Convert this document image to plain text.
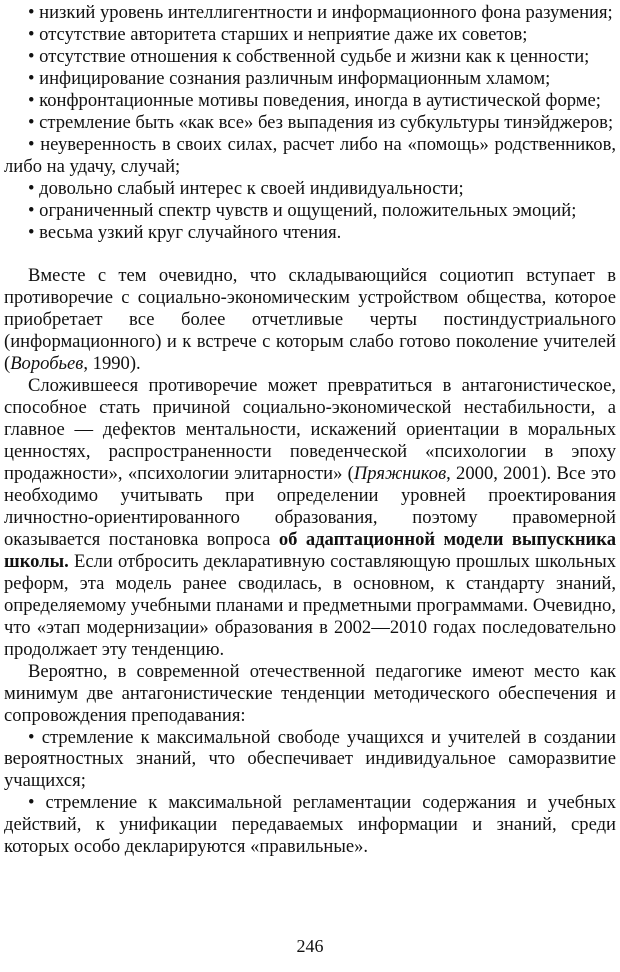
• низкий уровень интеллигентности и информационного фона разумения;

• отсутствие авторитета старших и неприятие даже их советов;

• отсутствие отношения к собственной судьбе и жизни как к ценности;

• инфицирование сознания различным информационным хламом;

• конфронтационные мотивы поведения, иногда в аутистической форме;

• стремление быть «как все» без выпадения из субкультуры тинэйджеров;

• неуверенность в своих силах, расчет либо на «помощь» родственников, либо на удачу, случай;

• довольно слабый интерес к своей индивидуальности;

• ограниченный спектр чувств и ощущений, положительных эмоций;

• весьма узкий круг случайного чтения.

Вместе с тем очевидно, что складывающийся социотип вступает в противоречие с социально-экономическим устройством общества, которое приобретает все более отчетливые черты постиндустриального (информационного) и к встрече с которым слабо готово поколение учителей (Воробьев, 1990).

Сложившееся противоречие может превратиться в антагонистическое, способное стать причиной социально-экономической нестабильности, а главное — дефектов ментальности, искажений ориентации в моральных ценностях, распространенности поведенческой «психологии в эпоху продажности», «психологии элитарности» (Пряжников, 2000, 2001). Все это необходимо учитывать при определении уровней проектирования личностно-ориентированного образования, поэтому правомерной оказывается постановка вопроса об адаптационной модели выпускника школы. Если отбросить декларативную составляющую прошлых школьных реформ, эта модель ранее сводилась, в основном, к стандарту знаний, определяемому учебными планами и предметными программами. Очевидно, что «этап модернизации» образования в 2002—2010 годах последовательно продолжает эту тенденцию.

Вероятно, в современной отечественной педагогике имеют место как минимум две антагонистические тенденции методического обеспечения и сопровождения преподавания:

• стремление к максимальной свободе учащихся и учителей в создании вероятностных знаний, что обеспечивает индивидуальное саморазвитие учащихся;

• стремление к максимальной регламентации содержания и учебных действий, к унификации передаваемых информации и знаний, среди которых особо декларируются «правильные».

246
